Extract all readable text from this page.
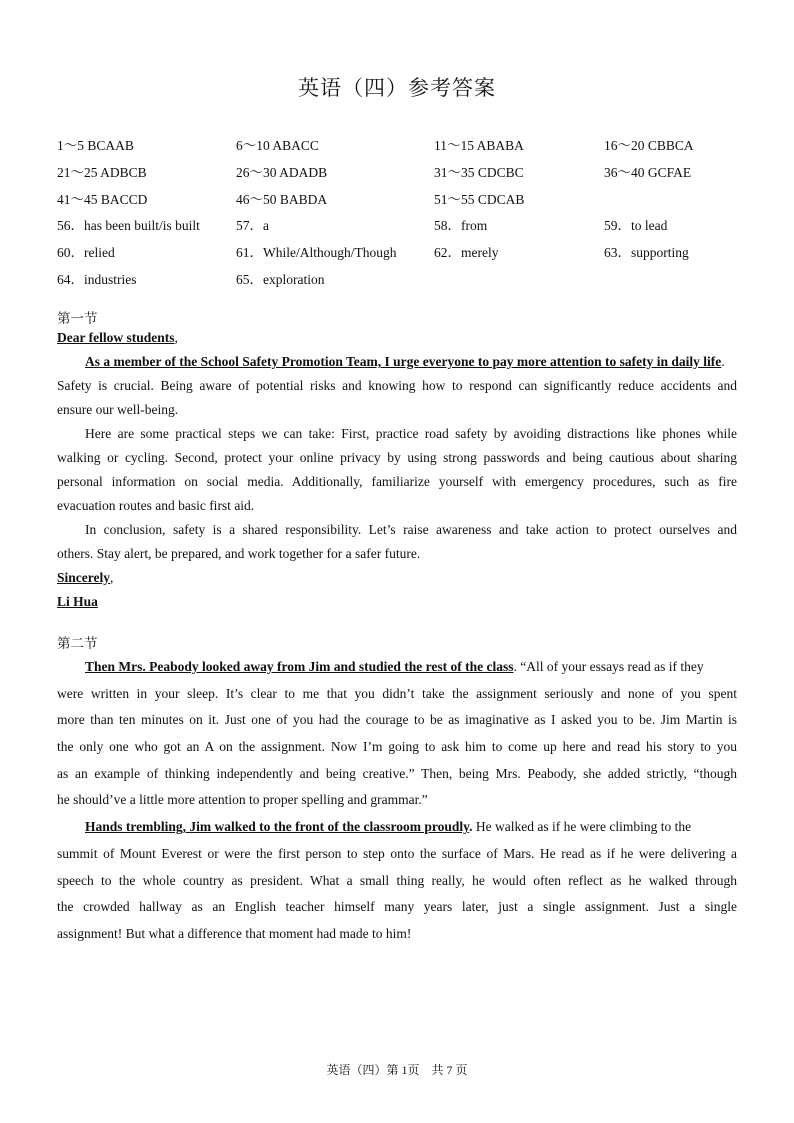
英语（四）参考答案
1～5 BCAAB	6～10 ABACC	11～15 ABABA	16～20 CBBCA
21～25 ADBCB	26～30 ADADB	31～35 CDCBC	36～40 GCFAE
41～45 BACCD	46～50 BABDA	51～55 CDCAB
56．has been built/is built	57．a	58．from	59．to lead
60．relied	61．While/Although/Though	62．merely	63．supporting
64．industries	65．exploration
第一节
Dear fellow students,
As a member of the School Safety Promotion Team, I urge everyone to pay more attention to safety in daily life.
Safety is crucial. Being aware of potential risks and knowing how to respond can significantly reduce accidents and
ensure our well-being.
Here are some practical steps we can take: First, practice road safety by avoiding distractions like phones while
walking or cycling. Second, protect your online privacy by using strong passwords and being cautious about sharing
personal information on social media. Additionally, familiarize yourself with emergency procedures, such as fire
evacuation routes and basic first aid.
In conclusion, safety is a shared responsibility. Let’s raise awareness and take action to protect ourselves and
others. Stay alert, be prepared, and work together for a safer future.
Sincerely,
Li Hua
第二节
Then Mrs. Peabody looked away from Jim and studied the rest of the class. “All of your essays read as if they
were written in your sleep. It’s clear to me that you didn’t take the assignment seriously and none of you spent
more than ten minutes on it. Just one of you had the courage to be as imaginative as I asked you to be. Jim Martin is
the only one who got an A on the assignment. Now I’m going to ask him to come up here and read his story to you
as an example of thinking independently and being creative.” Then, being Mrs. Peabody, she added strictly, “though
he should’ve a little more attention to proper spelling and grammar.”
Hands trembling, Jim walked to the front of the classroom proudly. He walked as if he were climbing to the
summit of Mount Everest or were the first person to step onto the surface of Mars. He read as if he were delivering a
speech to the whole country as president. What a small thing really, he would often reflect as he walked through
the crowded hallway as an English teacher himself many years later, just a single assignment. Just a single
assignment! But what a difference that moment had made to him!
英语（四）第 1页　共 7 页
